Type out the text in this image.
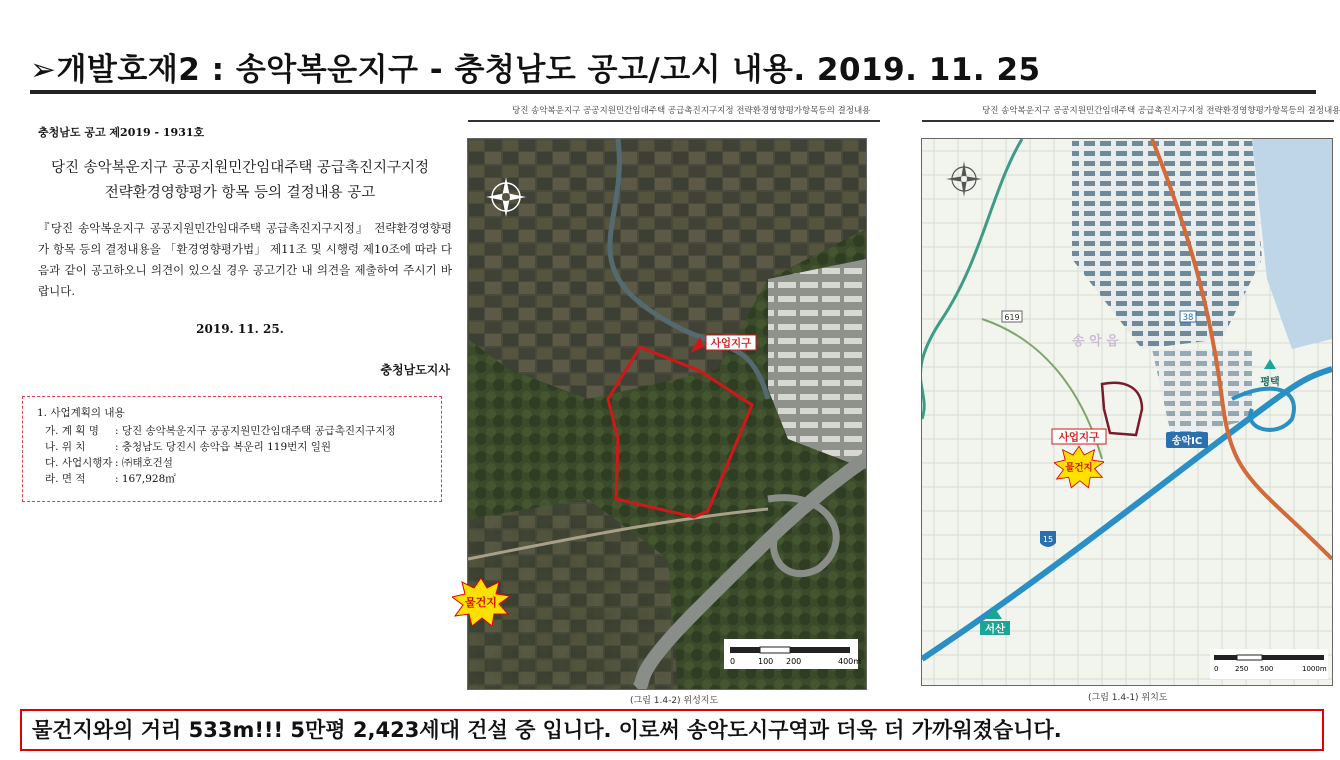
➢개발호재2 : 송악복운지구 - 충청남도 공고/고시 내용. 2019. 11. 25
충청남도 공고 제2019 - 1931호
당진 송악복운지구 공공지원민간임대주택 공급촉진지구지정
전략환경영향평가 항목 등의 결정내용 공고
『당진 송악복운지구 공공지원민간임대주택 공급촉진지구지정』 전략환경영향평가 항목 등의 결정내용을 「환경영향평가법」 제11조 및 시행령 제10조에 따라 다음과 같이 공고하오니 의견이 있으실 경우 공고기간 내 의견을 제출하여 주시기 바랍니다.
2019. 11. 25.
충청남도지사
1. 사업계획의 내용
가. 계 획 명	: 당진 송악복운지구 공공지원민간임대주택 공급촉진지구지정
나. 위 치	: 충청남도 당진시 송악읍 복운리 119번지 일원
다. 사업시행자 : ㈜태호건설
라. 면 적	: 167,928㎡
당진 송악복운지구 공공지원민간임대주택 공급촉진지구지정 전략환경영향평가항목등의 결정내용
사업지구
0	100 200	400m
물건지
(그림 1.4-2) 위성지도
당진 송악복운지구 공공지원민간임대주택 공급촉진지구지정 전략환경영향평가항목등의 결정내용
38
619
15
송 악 읍
사업지구	송악IC
평택
서산
0 250 500	1000m
물건지
(그림 1.4-1) 위치도
물건지와의 거리 533m!!! 5만평 2,423세대 건설 중 입니다. 이로써 송악도시구역과 더욱 더 가까워졌습니다.
